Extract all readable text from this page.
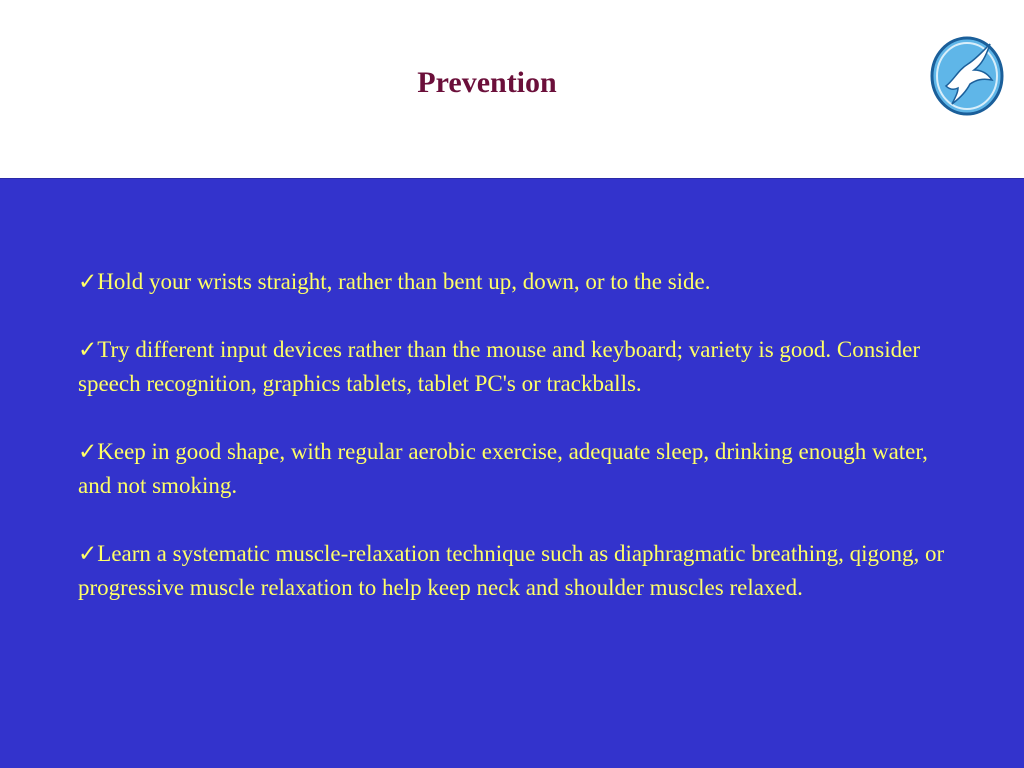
Prevention
✓Hold your wrists straight, rather than bent up, down, or to the side.
✓Try different input devices rather than the mouse and keyboard; variety is good. Consider speech recognition, graphics tablets, tablet PC's or trackballs.
✓Keep in good shape, with regular aerobic exercise, adequate sleep, drinking enough water, and not smoking.
✓Learn a systematic muscle-relaxation technique such as diaphragmatic breathing, qigong, or progressive muscle relaxation to help keep neck and shoulder muscles relaxed.
